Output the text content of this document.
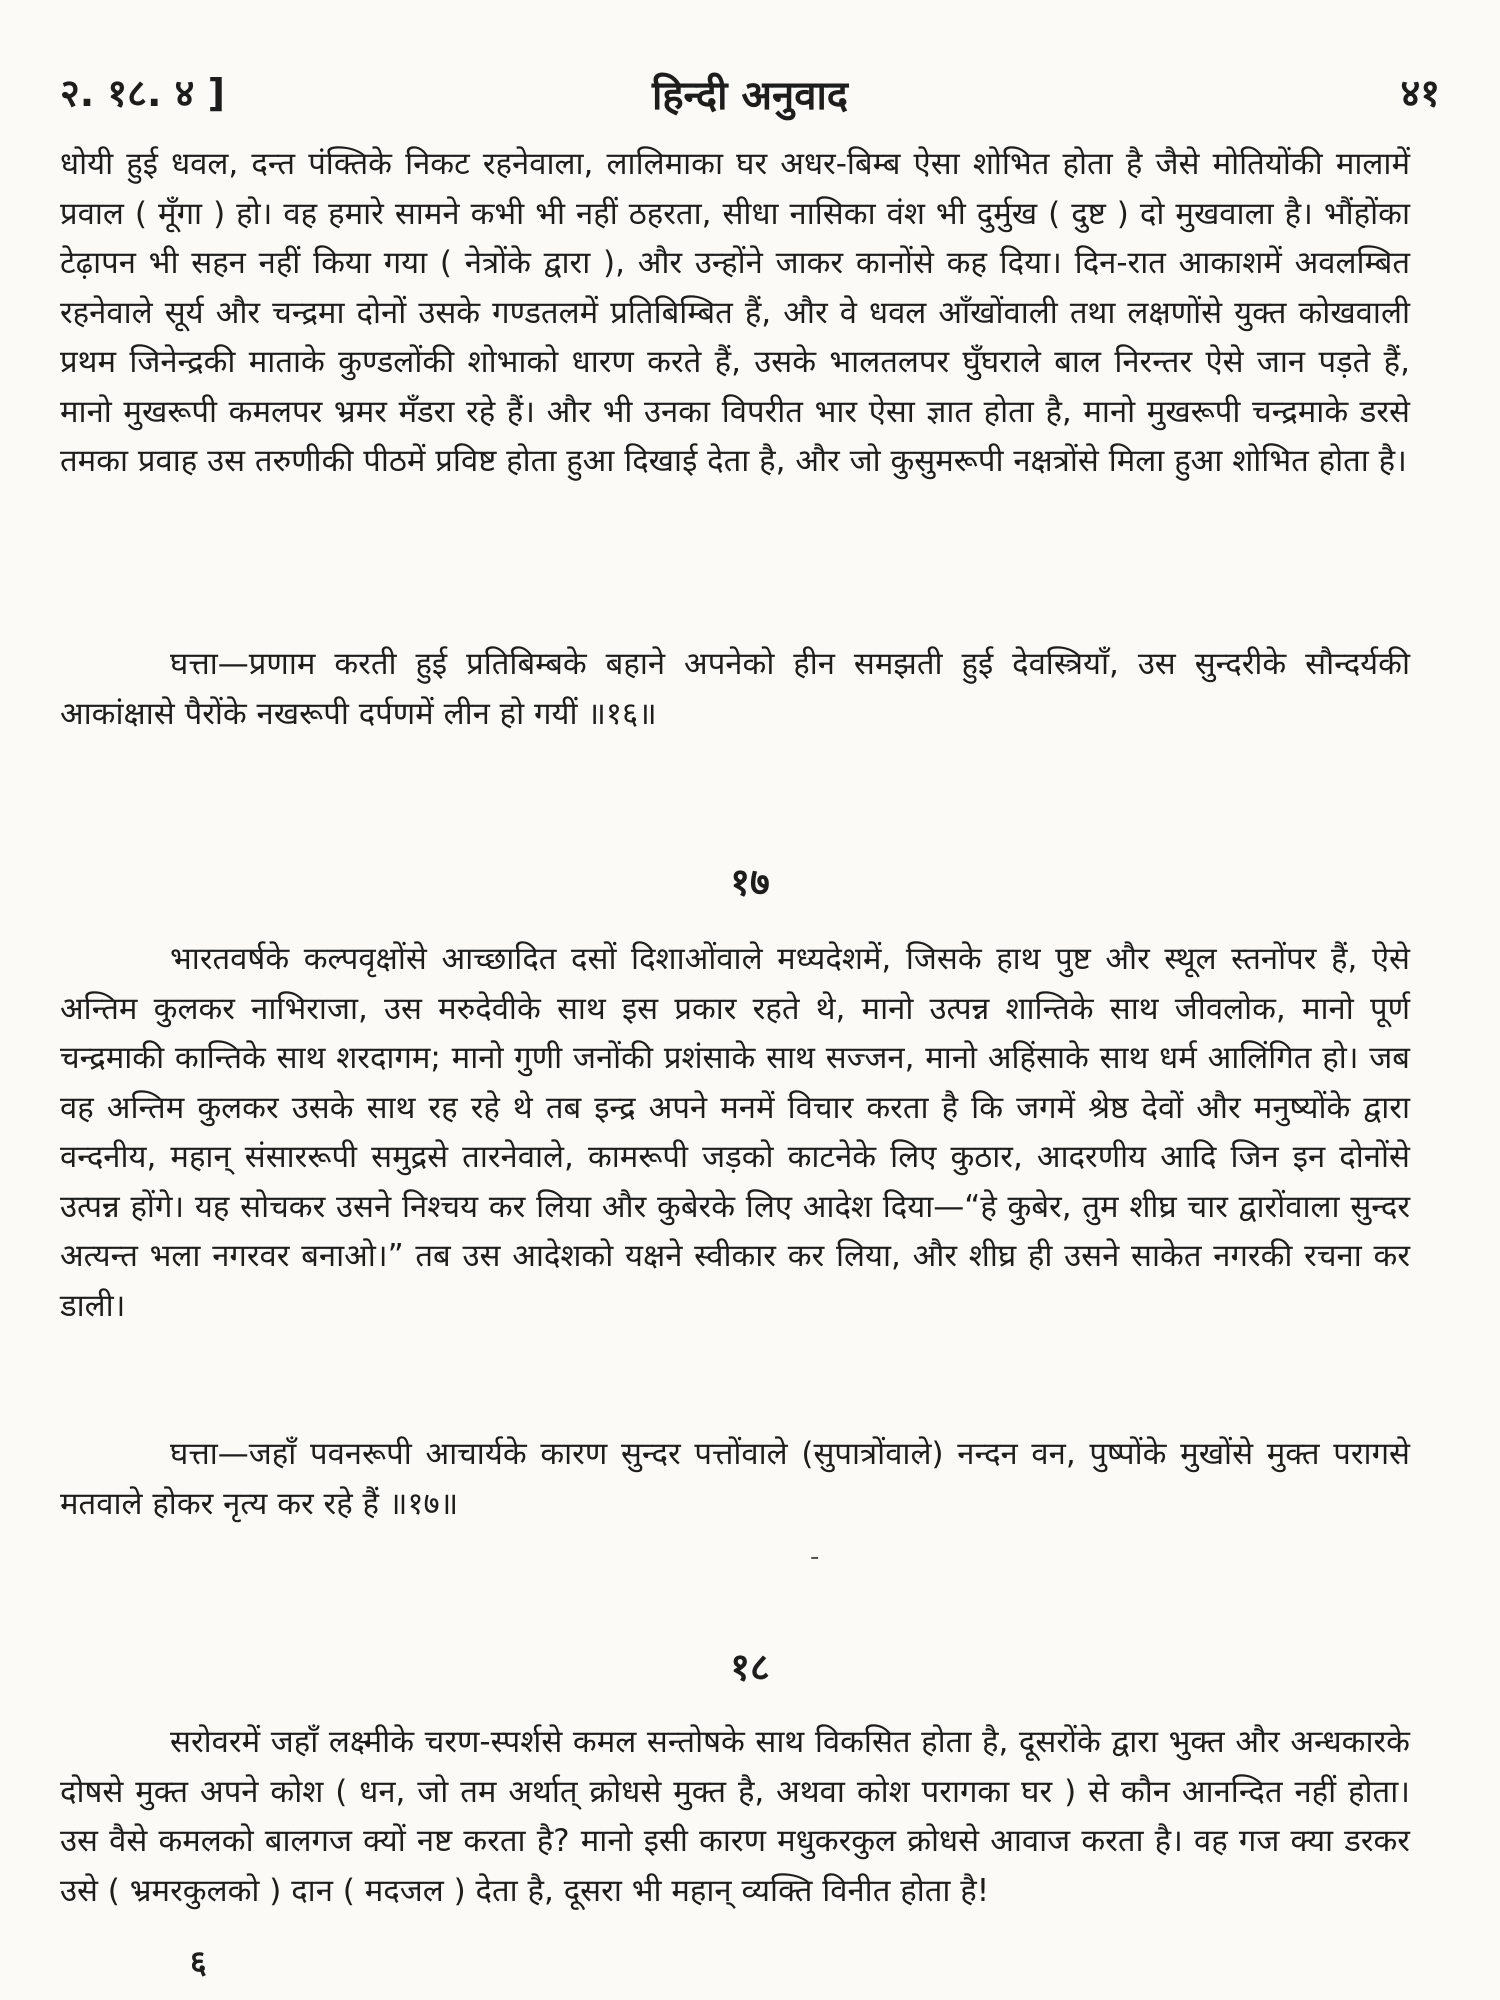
२. १८. ४ ]	हिन्दी अनुवाद	४१

धोयी हुई धवल, दन्त पंक्तिके निकट रहनेवाला, लालिमाका घर अधर-बिम्ब ऐसा शोभित होता है जैसे मोतियोंकी मालामें प्रवाल ( मूँगा ) हो। वह हमारे सामने कभी भी नहीं ठहरता, सीधा नासिका वंश भी दुर्मुख ( दुष्ट ) दो मुखवाला है। भौंहोंका टेढ़ापन भी सहन नहीं किया गया ( नेत्रोंके द्वारा ), और उन्होंने जाकर कानोंसे कह दिया। दिन-रात आकाशमें अवलम्बित रहनेवाले सूर्य और चन्द्रमा दोनों उसके गण्डतलमें प्रतिबिम्बित हैं, और वे धवल आँखोंवाली तथा लक्षणोंसे युक्त कोखवाली प्रथम जिनेन्द्रकी माताके कुण्डलोंकी शोभाको धारण करते हैं, उसके भालतलपर घुँघराले बाल निरन्तर ऐसे जान पड़ते हैं, मानो मुखरूपी कमलपर भ्रमर मँडरा रहे हैं। और भी उनका विपरीत भार ऐसा ज्ञात होता है, मानो मुखरूपी चन्द्रमाके डरसे तमका प्रवाह उस तरुणीकी पीठमें प्रविष्ट होता हुआ दिखाई देता है, और जो कुसुमरूपी नक्षत्रोंसे मिला हुआ शोभित होता है।

घत्ता—प्रणाम करती हुई प्रतिबिम्बके बहाने अपनेको हीन समझती हुई देवस्त्रियाँ, उस सुन्दरीके सौन्दर्यकी आकांक्षासे पैरोंके नखरूपी दर्पणमें लीन हो गयीं ॥१६॥

१७

भारतवर्षके कल्पवृक्षोंसे आच्छादित दसों दिशाओंवाले मध्यदेशमें, जिसके हाथ पुष्ट और स्थूल स्तनोंपर हैं, ऐसे अन्तिम कुलकर नाभिराजा, उस मरुदेवीके साथ इस प्रकार रहते थे, मानो उत्पन्न शान्तिके साथ जीवलोक, मानो पूर्ण चन्द्रमाकी कान्तिके साथ शरदागम; मानो गुणी जनोंकी प्रशंसाके साथ सज्जन, मानो अहिंसाके साथ धर्म आलिंगित हो। जब वह अन्तिम कुलकर उसके साथ रह रहे थे तब इन्द्र अपने मनमें विचार करता है कि जगमें श्रेष्ठ देवों और मनुष्योंके द्वारा वन्दनीय, महान् संसाररूपी समुद्रसे तारनेवाले, कामरूपी जड़को काटनेके लिए कुठार, आदरणीय आदि जिन इन दोनोंसे उत्पन्न होंगे। यह सोचकर उसने निश्चय कर लिया और कुबेरके लिए आदेश दिया—“हे कुबेर, तुम शीघ्र चार द्वारोंवाला सुन्दर अत्यन्त भला नगरवर बनाओ।” तब उस आदेशको यक्षने स्वीकार कर लिया, और शीघ्र ही उसने साकेत नगरकी रचना कर डाली।

घत्ता—जहाँ पवनरूपी आचार्यके कारण सुन्दर पत्तोंवाले (सुपात्रोंवाले) नन्दन वन, पुष्पोंके मुखोंसे मुक्त परागसे मतवाले होकर नृत्य कर रहे हैं ॥१७॥

-
१८

सरोवरमें जहाँ लक्ष्मीके चरण-स्पर्शसे कमल सन्तोषके साथ विकसित होता है, दूसरोंके द्वारा भुक्त और अन्धकारके दोषसे मुक्त अपने कोश ( धन, जो तम अर्थात् क्रोधसे मुक्त है, अथवा कोश परागका घर ) से कौन आनन्दित नहीं होता। उस वैसे कमलको बालगज क्यों नष्ट करता है? मानो इसी कारण मधुकरकुल क्रोधसे आवाज करता है। वह गज क्या डरकर उसे ( भ्रमरकुलको ) दान ( मदजल ) देता है, दूसरा भी महान् व्यक्ति विनीत होता है!

६
